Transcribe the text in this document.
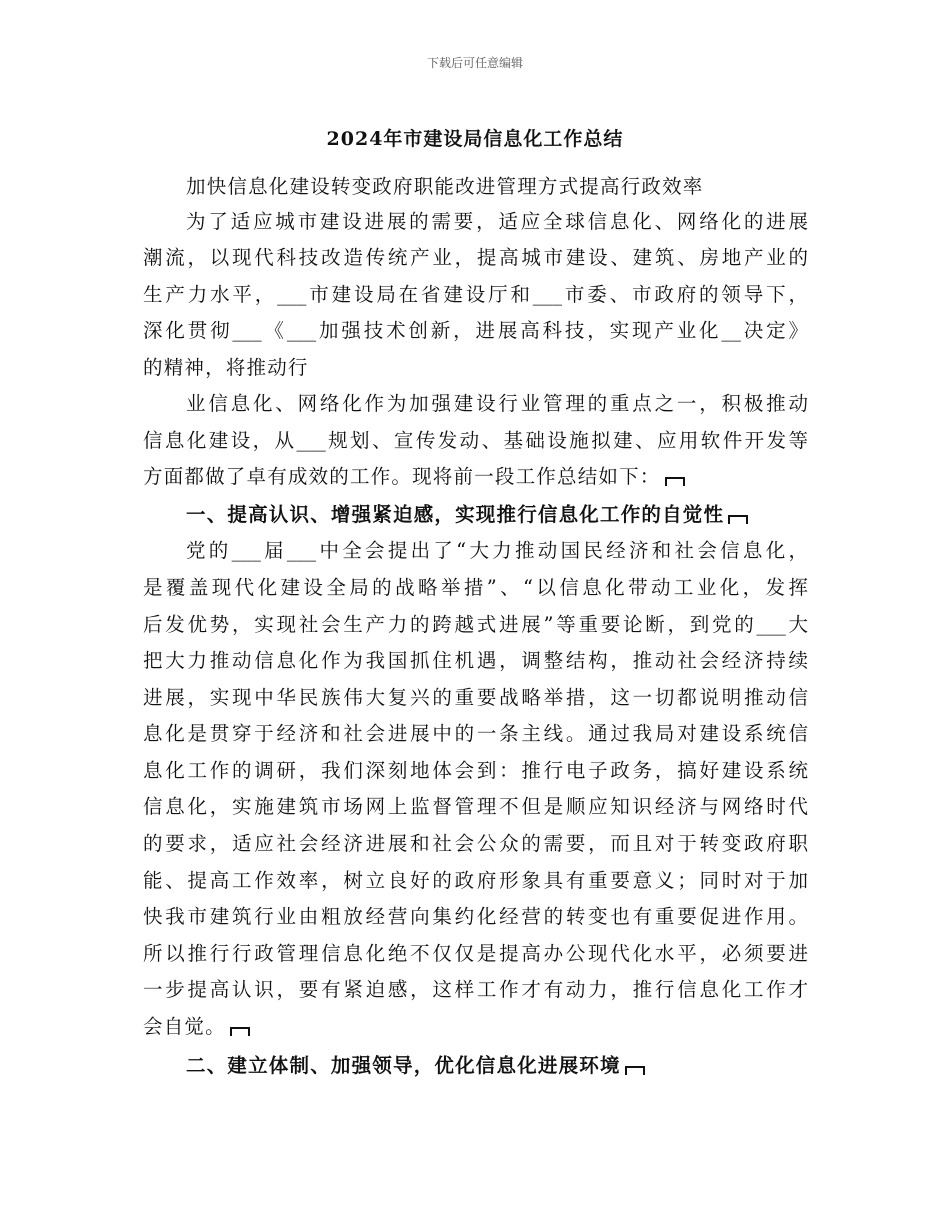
下载后可任意编辑
2024年市建设局信息化工作总结
加快信息化建设转变政府职能改进管理方式提高行政效率
为了适应城市建设进展的需要，适应全球信息化、网络化的进展
潮流，以现代科技改造传统产业，提高城市建设、建筑、房地产业的
生产力水平，___市建设局在省建设厅和___市委、市政府的领导下，
深化贯彻___《___加强技术创新，进展高科技，实现产业化__决定》
的精神，将推动行
业信息化、网络化作为加强建设行业管理的重点之一，积极推动
信息化建设，从___规划、宣传发动、基础设施拟建、应用软件开发等
方面都做了卓有成效的工作。现将前一段工作总结如下：
一、提高认识、增强紧迫感，实现推行信息化工作的自觉性
党的___届___中全会提出了“大力推动国民经济和社会信息化，
是覆盖现代化建设全局的战略举措”、“以信息化带动工业化，发挥
后发优势，实现社会生产力的跨越式进展”等重要论断，到党的___大
把大力推动信息化作为我国抓住机遇，调整结构，推动社会经济持续
进展，实现中华民族伟大复兴的重要战略举措，这一切都说明推动信
息化是贯穿于经济和社会进展中的一条主线。通过我局对建设系统信
息化工作的调研，我们深刻地体会到：推行电子政务，搞好建设系统
信息化，实施建筑市场网上监督管理不但是顺应知识经济与网络时代
的要求，适应社会经济进展和社会公众的需要，而且对于转变政府职
能、提高工作效率，树立良好的政府形象具有重要意义；同时对于加
快我市建筑行业由粗放经营向集约化经营的转变也有重要促进作用。
所以推行行政管理信息化绝不仅仅是提高办公现代化水平，必须要进
一步提高认识，要有紧迫感，这样工作才有动力，推行信息化工作才
会自觉。
二、建立体制、加强领导，优化信息化进展环境
